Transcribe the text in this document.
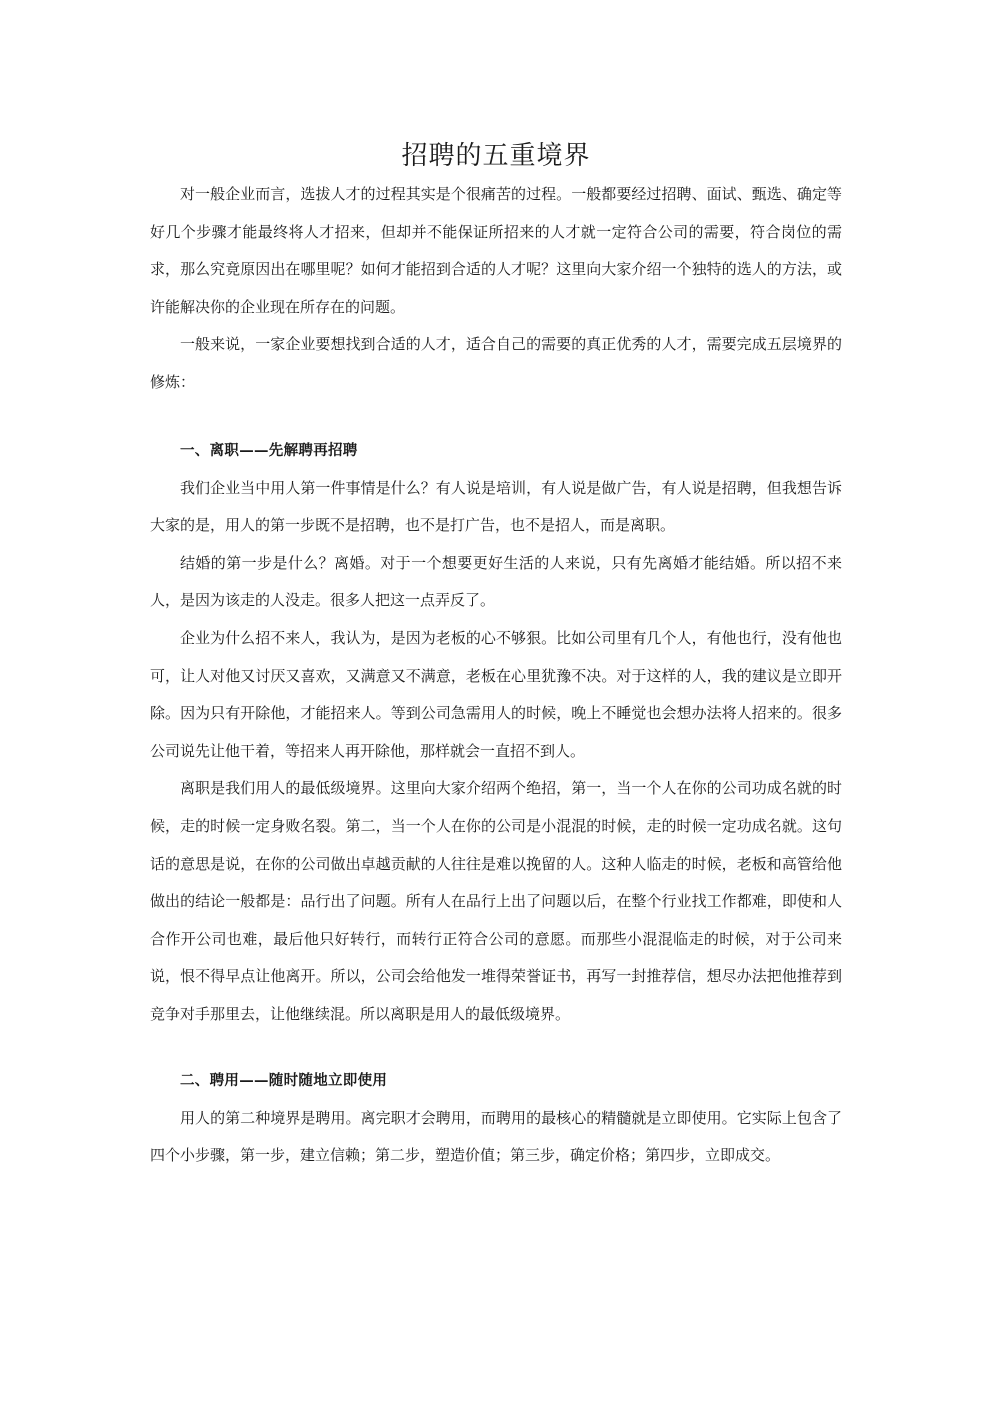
招聘的五重境界

对一般企业而言，选拔人才的过程其实是个很痛苦的过程。一般都要经过招聘、面试、甄选、确定等好几个步骤才能最终将人才招来，但却并不能保证所招来的人才就一定符合公司的需要，符合岗位的需求，那么究竟原因出在哪里呢？如何才能招到合适的人才呢？这里向大家介绍一个独特的选人的方法，或许能解决你的企业现在所存在的问题。

一般来说，一家企业要想找到合适的人才，适合自己的需要的真正优秀的人才，需要完成五层境界的修炼：

一、离职——先解聘再招聘

我们企业当中用人第一件事情是什么？有人说是培训，有人说是做广告，有人说是招聘，但我想告诉大家的是，用人的第一步既不是招聘，也不是打广告，也不是招人，而是离职。

结婚的第一步是什么？离婚。对于一个想要更好生活的人来说，只有先离婚才能结婚。所以招不来人，是因为该走的人没走。很多人把这一点弄反了。

企业为什么招不来人，我认为，是因为老板的心不够狠。比如公司里有几个人，有他也行，没有他也可，让人对他又讨厌又喜欢，又满意又不满意，老板在心里犹豫不决。对于这样的人，我的建议是立即开除。因为只有开除他，才能招来人。等到公司急需用人的时候，晚上不睡觉也会想办法将人招来的。很多公司说先让他干着，等招来人再开除他，那样就会一直招不到人。

离职是我们用人的最低级境界。这里向大家介绍两个绝招，第一，当一个人在你的公司功成名就的时候，走的时候一定身败名裂。第二，当一个人在你的公司是小混混的时候，走的时候一定功成名就。这句话的意思是说，在你的公司做出卓越贡献的人往往是难以挽留的人。这种人临走的时候，老板和高管给他做出的结论一般都是：品行出了问题。所有人在品行上出了问题以后，在整个行业找工作都难，即使和人合作开公司也难，最后他只好转行，而转行正符合公司的意愿。而那些小混混临走的时候，对于公司来说，恨不得早点让他离开。所以，公司会给他发一堆得荣誉证书，再写一封推荐信，想尽办法把他推荐到竞争对手那里去，让他继续混。所以离职是用人的最低级境界。

二、聘用——随时随地立即使用

用人的第二种境界是聘用。离完职才会聘用，而聘用的最核心的精髓就是立即使用。它实际上包含了四个小步骤，第一步，建立信赖；第二步，塑造价值；第三步，确定价格；第四步，立即成交。
